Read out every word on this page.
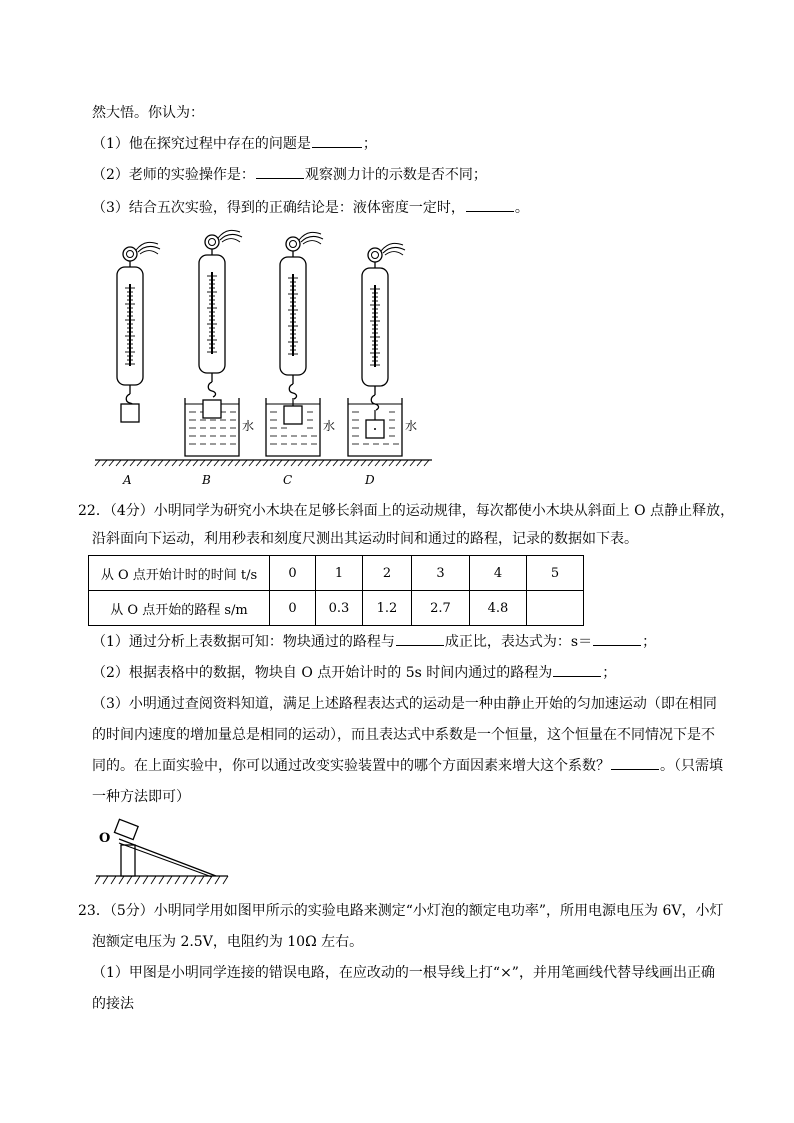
然大悟。你认为：
（1）他在探究过程中存在的问题是	；
（2）老师的实验操作是：	观察测力计的示数是否不同；
（3）结合五次实验，得到的正确结论是：液体密度一定时，	。
水	水	水
A	B	C	D
22．（4分）小明同学为研究小木块在足够长斜面上的运动规律，每次都使小木块从斜面上 O 点静止释放，
沿斜面向下运动，利用秒表和刻度尺测出其运动时间和通过的路程，记录的数据如下表。
从 O 点开始计时的时间 t/s	0	1	2	3	4	5
从 O 点开始的路程 s/m	0	0.3	1.2	2.7	4.8	
（1）通过分析上表数据可知：物块通过的路程与	成正比，表达式为：s＝	；
（2）根据表格中的数据，物块自 O 点开始计时的 5s 时间内通过的路程为	；
（3）小明通过查阅资料知道，满足上述路程表达式的运动是一种由静止开始的匀加速运动（即在相同
的时间内速度的增加量总是相同的运动），而且表达式中系数是一个恒量，这个恒量在不同情况下是不
同的。在上面实验中，你可以通过改变实验装置中的哪个方面因素来增大这个系数？	。（只需填
一种方法即可）
O
23．（5分）小明同学用如图甲所示的实验电路来测定“小灯泡的额定电功率”，所用电源电压为 6V，小灯
泡额定电压为 2.5V，电阻约为 10Ω 左右。
（1）甲图是小明同学连接的错误电路，在应改动的一根导线上打“×”，并用笔画线代替导线画出正确
的接法
